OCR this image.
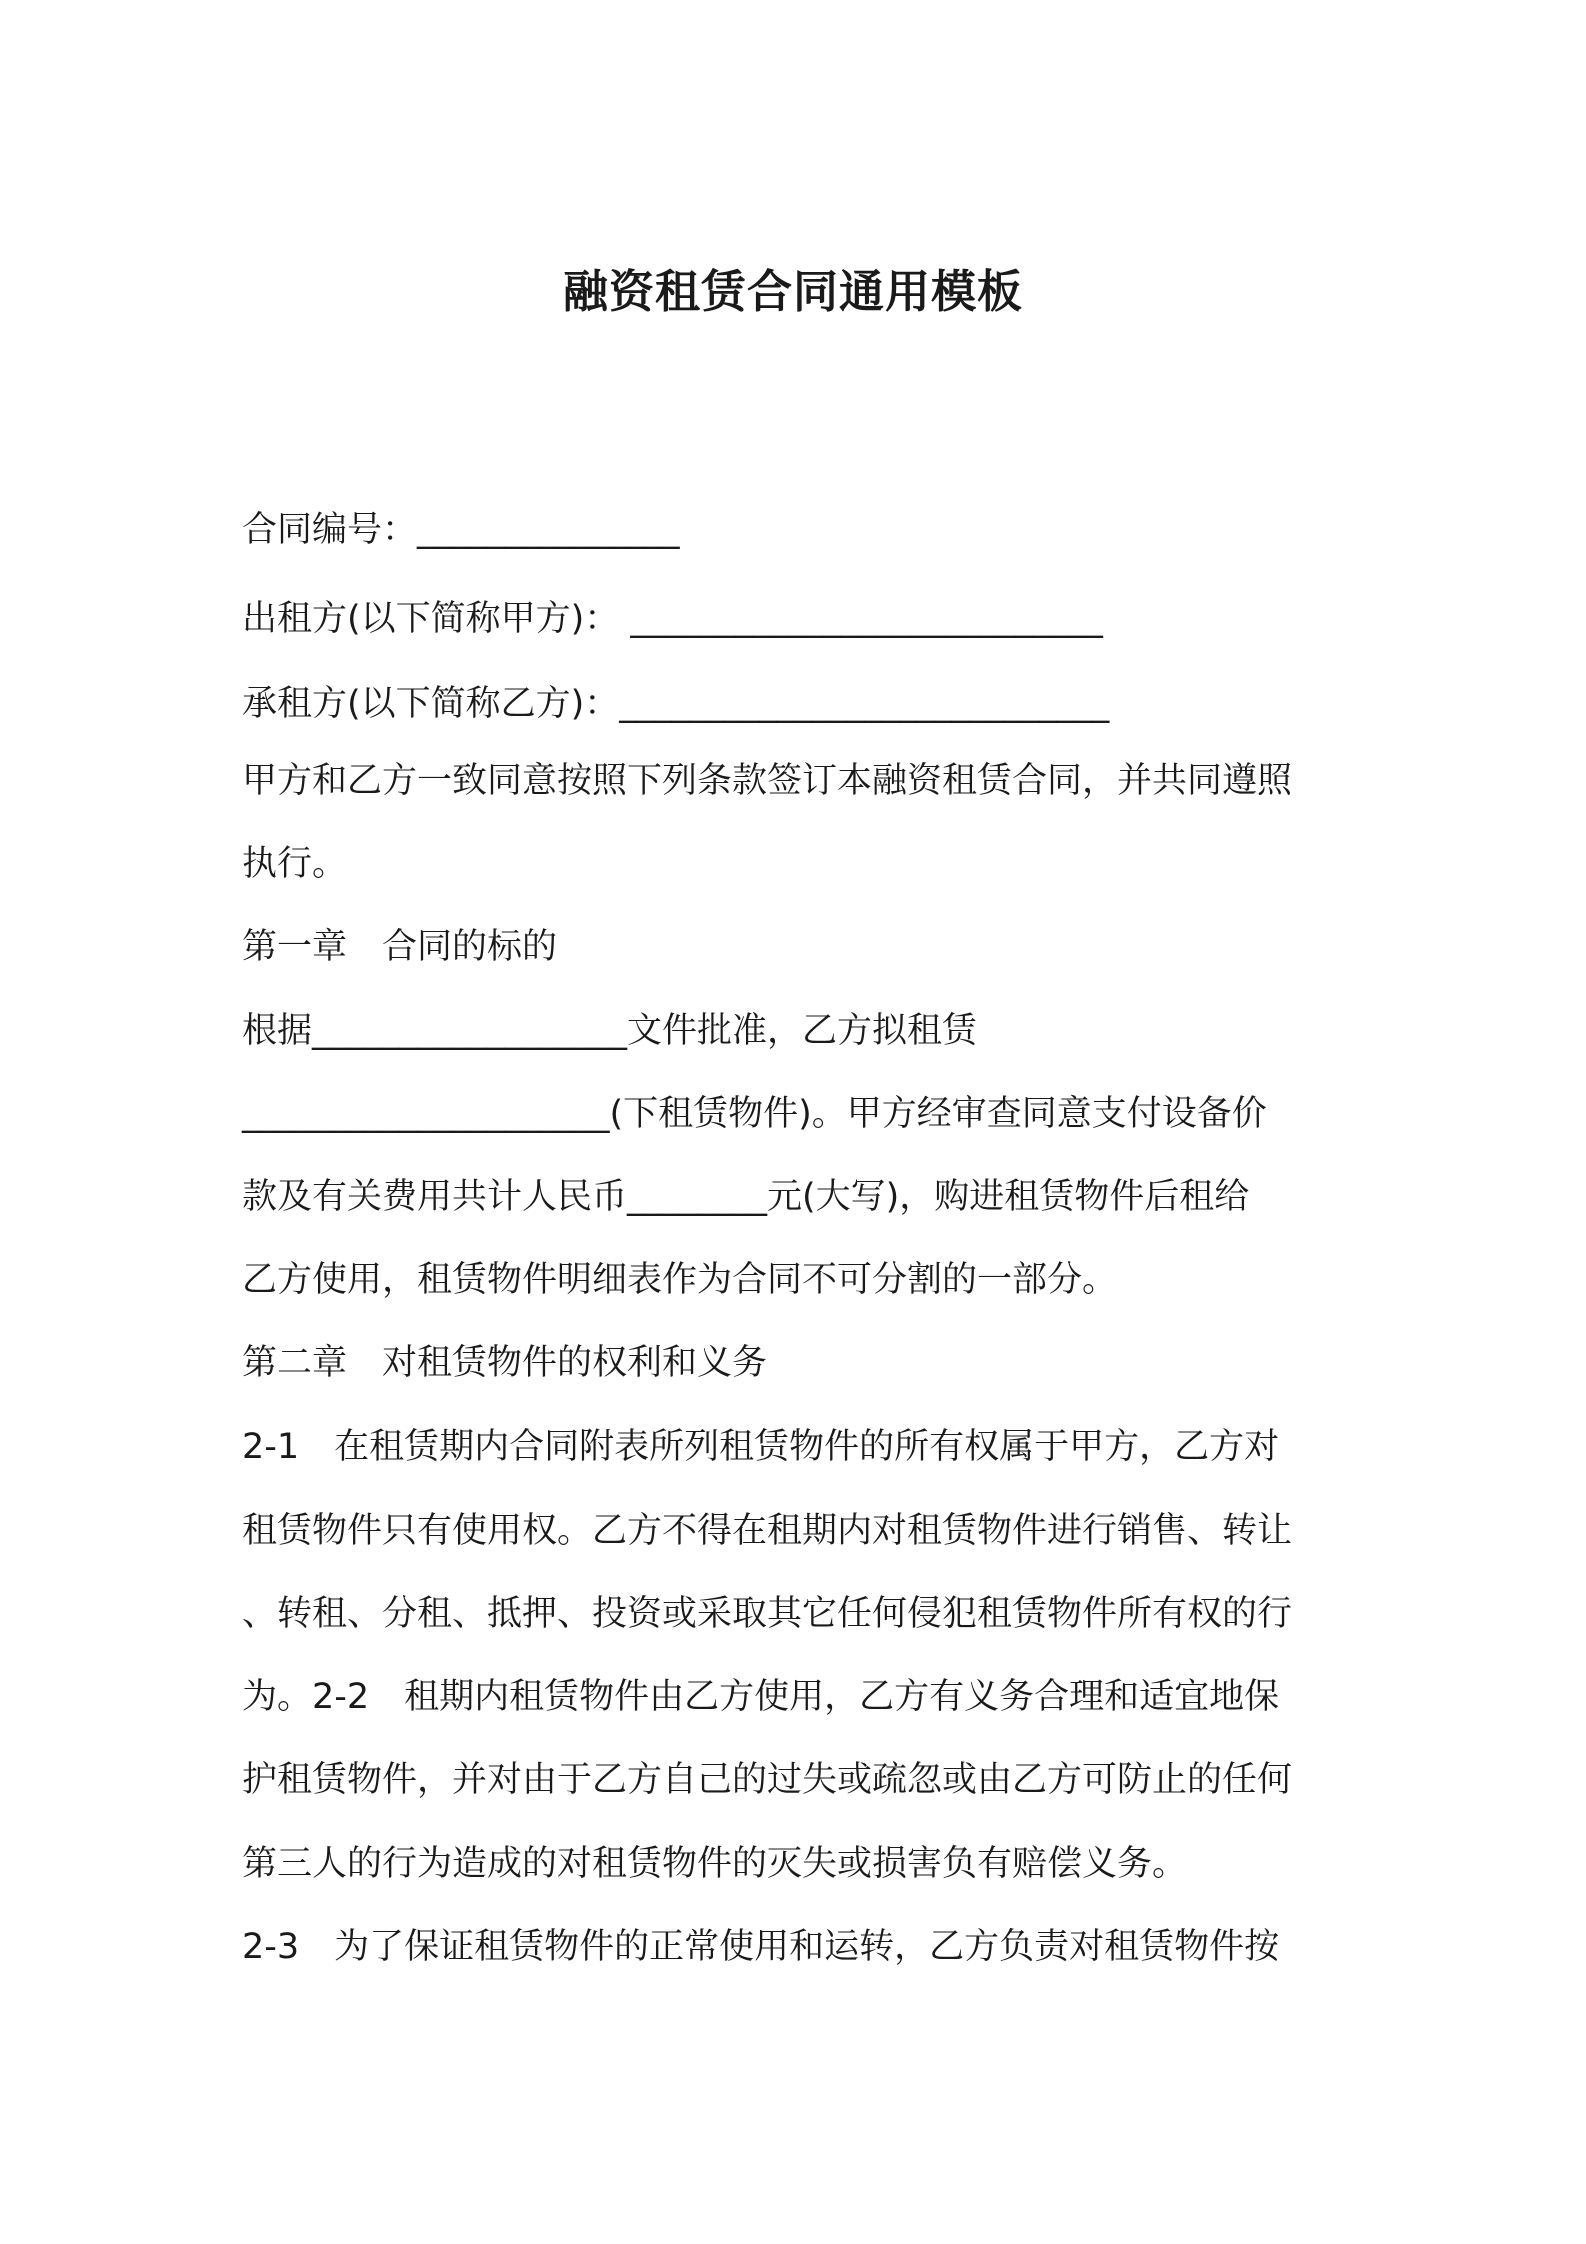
融资租赁合同通用模板
合同编号：_______________
出租方(以下简称甲方)： ___________________________
承租方(以下简称乙方)：____________________________
甲方和乙方一致同意按照下列条款签订本融资租赁合同，并共同遵照
执行。
第一章　合同的标的
根据__________________文件批准，乙方拟租赁
_____________________(下租赁物件)。甲方经审查同意支付设备价
款及有关费用共计人民币________元(大写)，购进租赁物件后租给
乙方使用，租赁物件明细表作为合同不可分割的一部分。
第二章　对租赁物件的权利和义务
2-1　在租赁期内合同附表所列租赁物件的所有权属于甲方，乙方对
租赁物件只有使用权。乙方不得在租期内对租赁物件进行销售、转让
、转租、分租、抵押、投资或采取其它任何侵犯租赁物件所有权的行
为。2-2　租期内租赁物件由乙方使用，乙方有义务合理和适宜地保
护租赁物件，并对由于乙方自己的过失或疏忽或由乙方可防止的任何
第三人的行为造成的对租赁物件的灭失或损害负有赔偿义务。
2-3　为了保证租赁物件的正常使用和运转，乙方负责对租赁物件按
